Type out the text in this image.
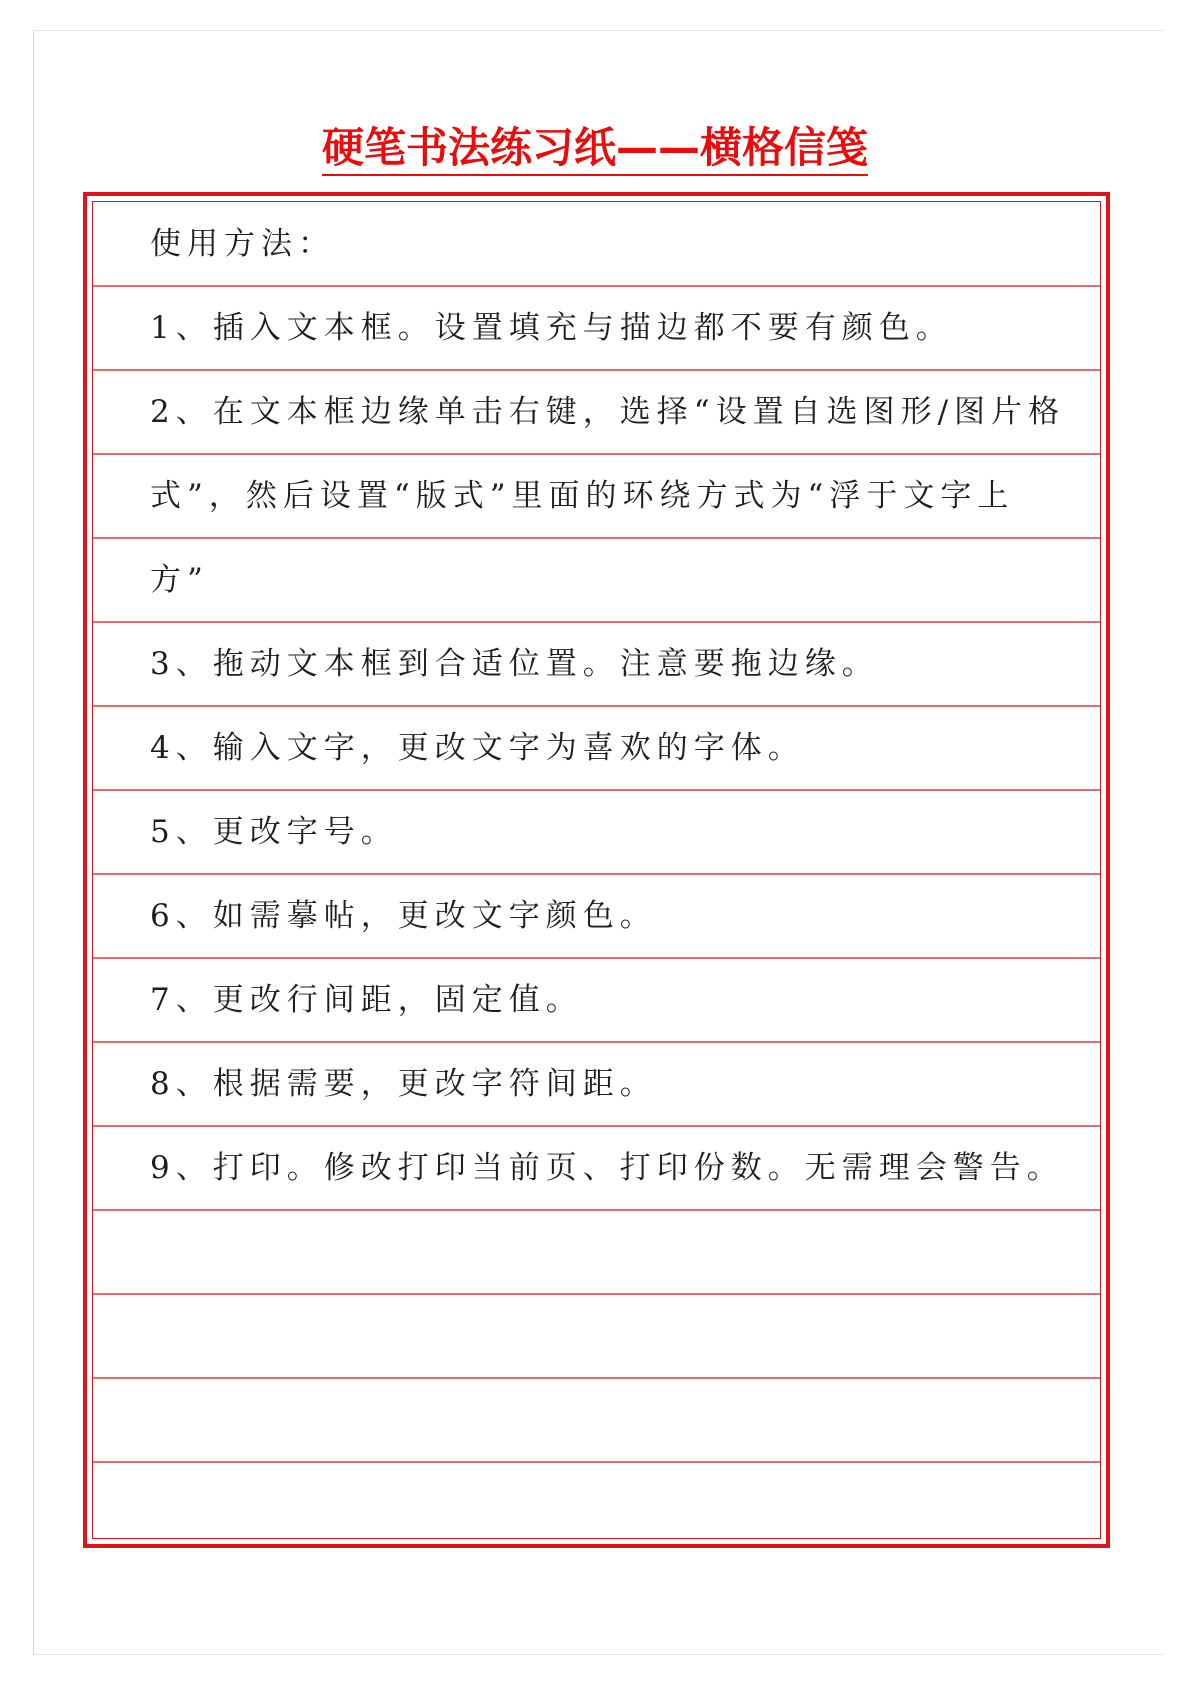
硬笔书法练习纸——横格信笺
使用方法：
1、插入文本框。设置填充与描边都不要有颜色。
2、在文本框边缘单击右键，选择“设置自选图形/图片格
式”，然后设置“版式”里面的环绕方式为“浮于文字上
方”
3、拖动文本框到合适位置。注意要拖边缘。
4、输入文字，更改文字为喜欢的字体。
5、更改字号。
6、如需摹帖，更改文字颜色。
7、更改行间距，固定值。
8、根据需要，更改字符间距。
9、打印。修改打印当前页、打印份数。无需理会警告。
